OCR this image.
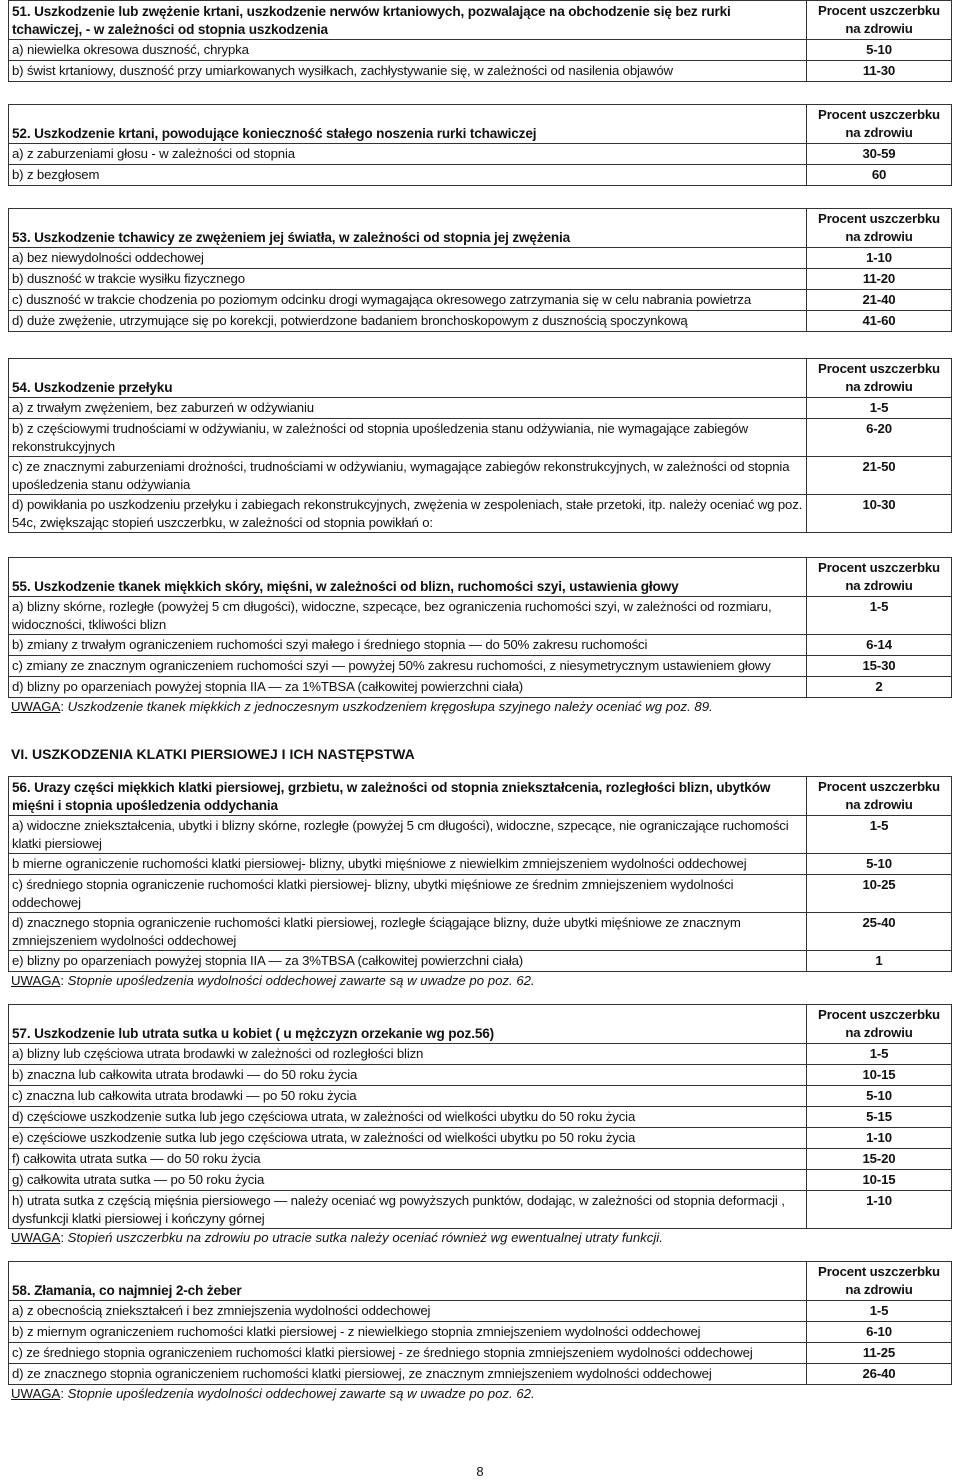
51. Uszkodzenie lub zwężenie krtani, uszkodzenie nerwów krtaniowych, pozwalające na obchodzenie się bez rurki tchawiczej, - w zależności od stopnia uszkodzenia	Procent uszczerbku
na zdrowiu

a) niewielka okresowa duszność, chrypka	5-10
b) świst krtaniowy, duszność przy umiarkowanych wysiłkach, zachłystywanie się, w zależności od nasilenia objawów	11-30
52. Uszkodzenie krtani, powodujące konieczność stałego noszenia rurki tchawiczej	Procent uszczerbku
na zdrowiu

a) z zaburzeniami głosu - w zależności od stopnia	30-59
b) z bezgłosem	60
53. Uszkodzenie tchawicy ze zwężeniem jej światła, w zależności od stopnia jej zwężenia	Procent uszczerbku
na zdrowiu

a) bez niewydolności oddechowej	1-10
b) duszność w trakcie wysiłku fizycznego	11-20
c) duszność w trakcie chodzenia po poziomym odcinku drogi wymagająca okresowego zatrzymania się w celu nabrania powietrza	21-40
d) duże zwężenie, utrzymujące się po korekcji, potwierdzone badaniem bronchoskopowym z dusznością spoczynkową	41-60
54. Uszkodzenie przełyku	Procent uszczerbku
na zdrowiu

a) z trwałym zwężeniem, bez zaburzeń w odżywianiu	1-5
b) z częściowymi trudnościami w odżywianiu, w zależności od stopnia upośledzenia stanu odżywiania, nie wymagające zabiegów rekonstrukcyjnych	6-20
c) ze znacznymi zaburzeniami drożności, trudnościami w odżywianiu, wymagające zabiegów rekonstrukcyjnych, w zależności od stopnia upośledzenia stanu odżywiania	21-50
d) powikłania po uszkodzeniu przełyku i zabiegach rekonstrukcyjnych, zwężenia w zespoleniach, stałe przetoki, itp. należy oceniać wg poz. 54c, zwiększając stopień uszczerbku, w zależności od stopnia powikłań o:	10-30
55. Uszkodzenie tkanek miękkich skóry, mięśni, w zależności od blizn, ruchomości szyi, ustawienia głowy	Procent uszczerbku
na zdrowiu

a) blizny skórne, rozległe (powyżej 5 cm długości), widoczne, szpecące, bez ograniczenia ruchomości szyi, w zależności od rozmiaru, widoczności, tkliwości blizn	1-5
b) zmiany z trwałym ograniczeniem ruchomości szyi małego i średniego stopnia — do 50% zakresu ruchomości	6-14
c) zmiany ze znacznym ograniczeniem ruchomości szyi — powyżej 50% zakresu ruchomości, z niesymetrycznym ustawieniem głowy	15-30
d) blizny po oparzeniach powyżej stopnia IIA — za 1%TBSA (całkowitej powierzchni ciała)	2
UWAGA: Uszkodzenie tkanek miękkich z jednoczesnym uszkodzeniem kręgosłupa szyjnego należy oceniać wg poz. 89.
VI. USZKODZENIA KLATKI PIERSIOWEJ I ICH NASTĘPSTWA
56. Urazy części miękkich klatki piersiowej, grzbietu, w zależności od stopnia zniekształcenia, rozległości blizn, ubytków mięśni i stopnia upośledzenia oddychania	Procent uszczerbku
na zdrowiu

a) widoczne zniekształcenia, ubytki i blizny skórne, rozległe (powyżej 5 cm długości), widoczne, szpecące, nie ograniczające ruchomości klatki piersiowej	1-5
b mierne ograniczenie ruchomości klatki piersiowej- blizny, ubytki mięśniowe z niewielkim zmniejszeniem wydolności oddechowej	5-10
c) średniego stopnia ograniczenie ruchomości klatki piersiowej- blizny, ubytki mięśniowe ze średnim zmniejszeniem wydolności oddechowej	10-25
d) znacznego stopnia ograniczenie ruchomości klatki piersiowej, rozległe ściągające blizny, duże ubytki mięśniowe ze znacznym zmniejszeniem wydolności oddechowej	25-40
e) blizny po oparzeniach powyżej stopnia IIA — za 3%TBSA (całkowitej powierzchni ciała)	1
UWAGA: Stopnie upośledzenia wydolności oddechowej zawarte są w uwadze po poz. 62.
57. Uszkodzenie lub utrata sutka u kobiet ( u mężczyzn orzekanie wg poz.56)	Procent uszczerbku
na zdrowiu

a) blizny lub częściowa utrata brodawki w zależności od rozległości blizn	1-5
b) znaczna lub całkowita utrata brodawki — do 50 roku życia	10-15
c) znaczna lub całkowita utrata brodawki — po 50 roku życia	5-10
d) częściowe uszkodzenie sutka lub jego częściowa utrata, w zależności od wielkości ubytku do 50 roku życia	5-15
e) częściowe uszkodzenie sutka lub jego częściowa utrata, w zależności od wielkości ubytku po 50 roku życia	1-10
f) całkowita utrata sutka — do 50 roku życia	15-20
g) całkowita utrata sutka — po 50 roku życia	10-15
h) utrata sutka z częścią mięśnia piersiowego — należy oceniać wg powyższych punktów, dodając, w zależności od stopnia deformacji , dysfunkcji klatki piersiowej i kończyny górnej	1-10
UWAGA: Stopień uszczerbku na zdrowiu po utracie sutka należy oceniać również wg ewentualnej utraty funkcji.
58. Złamania, co najmniej 2-ch żeber	Procent uszczerbku
na zdrowiu

a) z obecnością zniekształceń i bez zmniejszenia wydolności oddechowej	1-5
b) z miernym ograniczeniem ruchomości klatki piersiowej - z niewielkiego stopnia zmniejszeniem wydolności oddechowej	6-10
c) ze średniego stopnia ograniczeniem ruchomości klatki piersiowej - ze średniego stopnia zmniejszeniem wydolności oddechowej	11-25
d) ze znacznego stopnia ograniczeniem ruchomości klatki piersiowej, ze znacznym zmniejszeniem wydolności oddechowej	26-40
UWAGA: Stopnie upośledzenia wydolności oddechowej zawarte są w uwadze po poz. 62.
8
